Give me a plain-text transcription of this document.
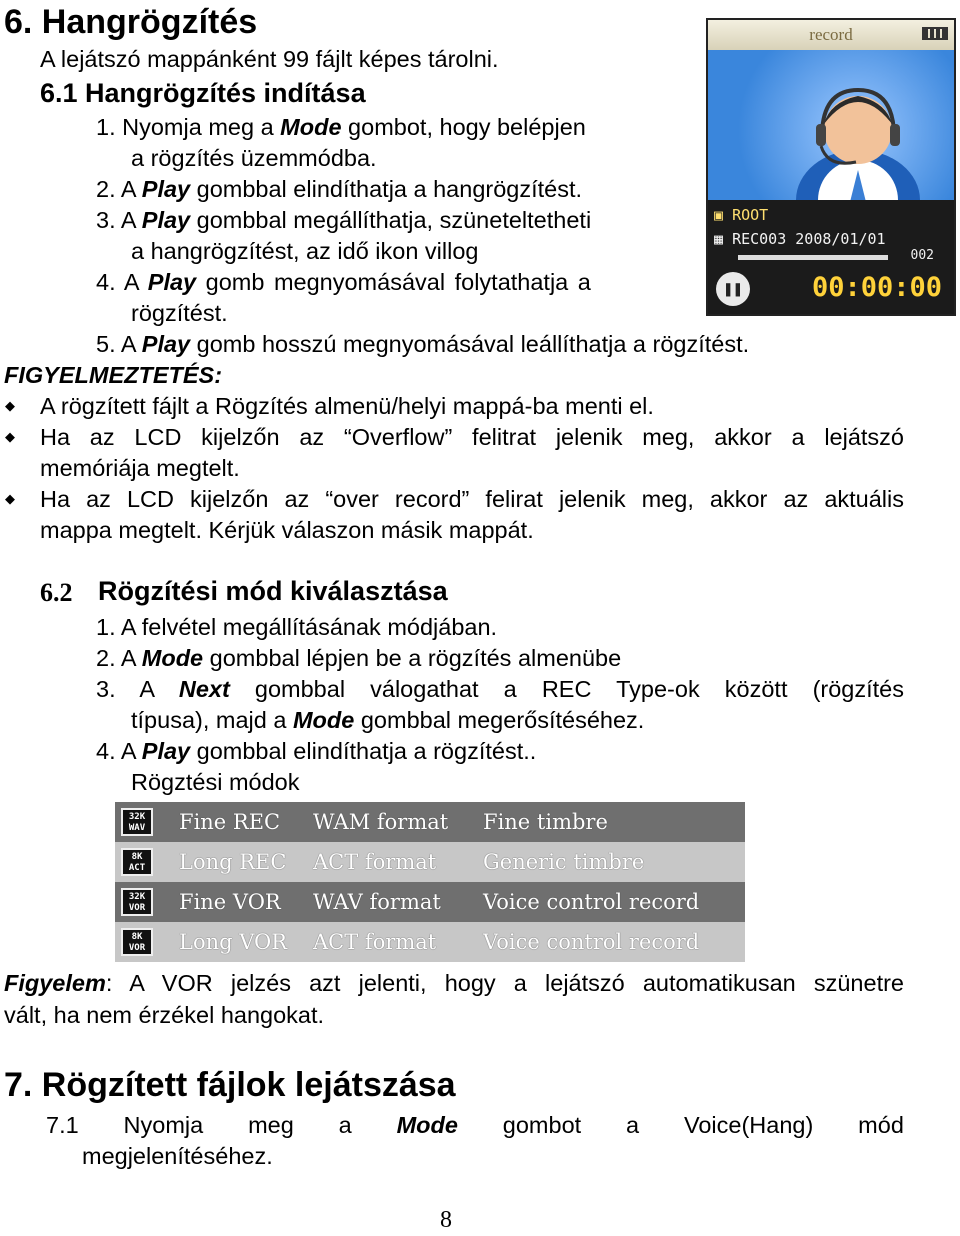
6. Hangrögzítés
A lejátszó mappánként 99 fájlt képes tárolni.
6.1 Hangrögzítés indítása
1. Nyomja meg a Mode gombot, hogy belépjen
a rögzítés üzemmódba.
2. A Play gombbal elindíthatja a hangrögzítést.
3. A Play gombbal megállíthatja, szüneteltetheti
a hangrögzítést, az idő ikon villog
4. A Play gomb megnyomásával folytathatja a
rögzítést.
5. A Play gomb hosszú megnyomásával leállíthatja a rögzítést.
record
▣ ROOT
▦ REC003 2008/01/01
002
❚❚	00:00:00
FIGYELMEZTETÉS:
◆ A rögzített fájlt a Rögzítés almenü/helyi mappá-ba menti el.
◆ Ha az LCD kijelzőn az “Overflow” felitrat jelenik meg, akkor a lejátszó
memóriája megtelt.
◆ Ha az LCD kijelzőn az “over record” felirat jelenik meg, akkor az aktuális
mappa megtelt. Kérjük válaszon másik mappát.
6.2 Rögzítési mód kiválasztása
1. A felvétel megállításának módjában.
2. A Mode gombbal lépjen be a rögzítés almenübe
3. A Next gombbal válogathat a REC Type-ok között (rögzítés
típusa), majd a Mode gombbal megerősítéséhez.
4. A Play gombbal elindíthatja a rögzítést..
Rögztési módok
32K
WAV Fine REC	WAM format	Fine timbre
8K
ACT Long REC	ACT format	Generic timbre
32K
VOR Fine VOR	WAV format	Voice control record
8K
VOR Long VOR	ACT format	Voice control record
Figyelem: A VOR jelzés azt jelenti, hogy a lejátszó automatikusan szünetre
vált, ha nem érzékel hangokat.
7. Rögzített fájlok lejátszása
7.1 Nyomja meg a Mode gombot a Voice(Hang) mód
megjelenítéséhez.
8
